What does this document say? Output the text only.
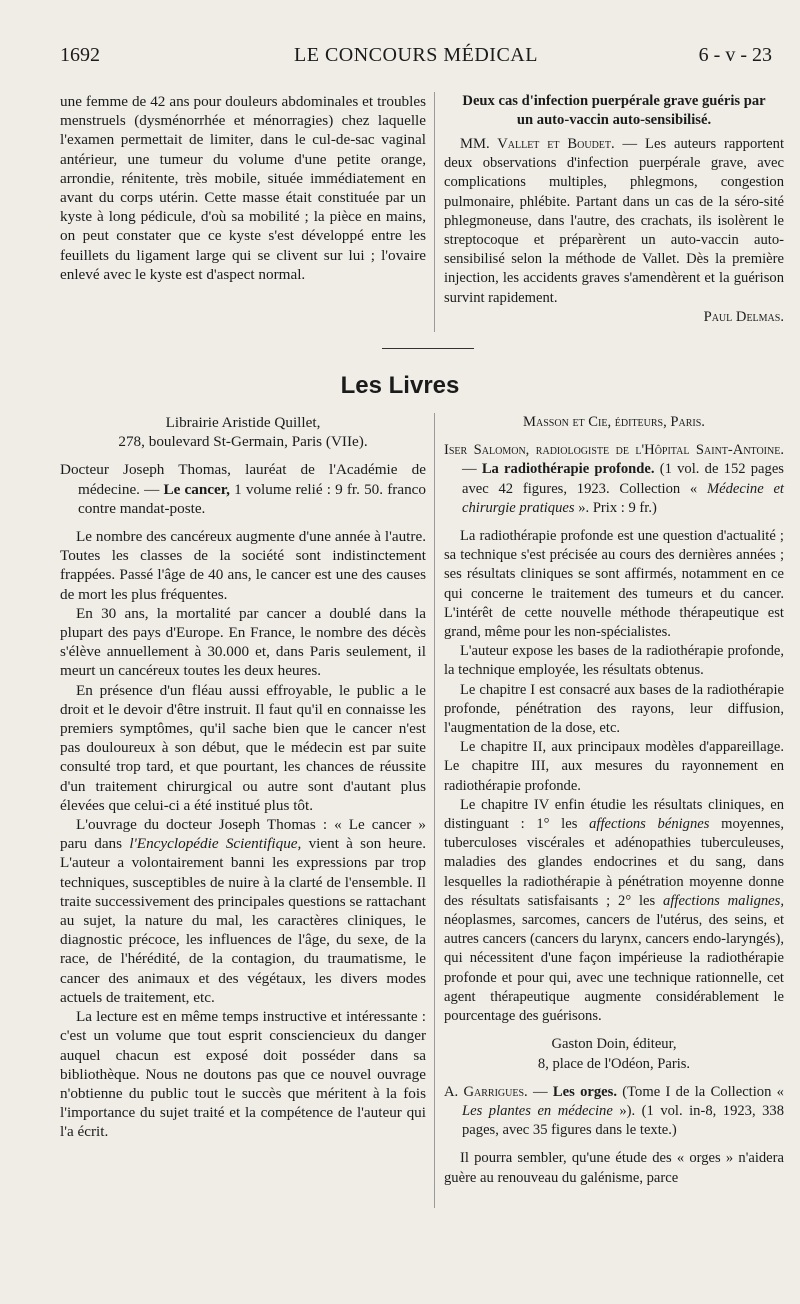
1692	LE CONCOURS MÉDICAL	6 - v - 23

une femme de 42 ans pour douleurs abdominales et troubles menstruels (dysménorrhée et ménorragies) chez laquelle l'examen permettait de limiter, dans le cul-de-sac vaginal antérieur, une tumeur du volume d'une petite orange, arrondie, rénitente, très mobile, située immédiatement en avant du corps utérin. Cette masse était constituée par un kyste à long pédicule, d'où sa mobilité ; la pièce en mains, on peut constater que ce kyste s'est développé entre les feuillets du ligament large qui se clivent sur lui ; l'ovaire enlevé avec le kyste est d'aspect normal.

Deux cas d'infection puerpérale grave guéris par
un auto-vaccin auto-sensibilisé.

MM. Vallet et Boudet. — Les auteurs rapportent deux observations d'infection puerpérale grave, avec complications multiples, phlegmons, congestion pulmonaire, phlébite. Partant dans un cas de la séro-sité phlegmoneuse, dans l'autre, des crachats, ils isolèrent le streptocoque et préparèrent un auto-vaccin auto-sensibilisé selon la méthode de Vallet. Dès la première injection, les accidents graves s'amendèrent et la guérison survint rapidement.

Paul Delmas.

Les Livres

Librairie Aristide Quillet,

278, boulevard St-Germain, Paris (VIIe).

Docteur Joseph Thomas, lauréat de l'Académie de médecine. — Le cancer, 1 volume relié : 9 fr. 50. franco contre mandat-poste.

Le nombre des cancéreux augmente d'une année à l'autre. Toutes les classes de la société sont indistinctement frappées. Passé l'âge de 40 ans, le cancer est une des causes de mort les plus fréquentes.

En 30 ans, la mortalité par cancer a doublé dans la plupart des pays d'Europe. En France, le nombre des décès s'élève annuellement à 30.000 et, dans Paris seulement, il meurt un cancéreux toutes les deux heures.

En présence d'un fléau aussi effroyable, le public a le droit et le devoir d'être instruit. Il faut qu'il en connaisse les premiers symptômes, qu'il sache bien que le cancer n'est pas douloureux à son début, que le médecin est par suite consulté trop tard, et que pourtant, les chances de réussite d'un traitement chirurgical ou autre sont d'autant plus élevées que celui-ci a été institué plus tôt.

L'ouvrage du docteur Joseph Thomas : « Le cancer » paru dans l'Encyclopédie Scientifique, vient à son heure. L'auteur a volontairement banni les expressions par trop techniques, susceptibles de nuire à la clarté de l'ensemble. Il traite successivement des principales questions se rattachant au sujet, la nature du mal, les caractères cliniques, le diagnostic précoce, les influences de l'âge, du sexe, de la race, de l'hérédité, de la contagion, du traumatisme, le cancer des animaux et des végétaux, les divers modes actuels de traitement, etc.

La lecture est en même temps instructive et intéressante : c'est un volume que tout esprit consciencieux du danger auquel chacun est exposé doit posséder dans sa bibliothèque. Nous ne doutons pas que ce nouvel ouvrage n'obtienne du public tout le succès que méritent à la fois l'importance du sujet traité et la compétence de l'auteur qui l'a écrit.

Masson et Cie, éditeurs, Paris.

Iser Salomon, radiologiste de l'Hôpital Saint-Antoine. — La radiothérapie profonde. (1 vol. de 152 pages avec 42 figures, 1923. Collection « Médecine et chirurgie pratiques ». Prix : 9 fr.)

La radiothérapie profonde est une question d'actualité ; sa technique s'est précisée au cours des dernières années ; ses résultats cliniques se sont affirmés, notamment en ce qui concerne le traitement des tumeurs et du cancer. L'intérêt de cette nouvelle méthode thérapeutique est grand, même pour les non-spécialistes.

L'auteur expose les bases de la radiothérapie profonde, la technique employée, les résultats obtenus.

Le chapitre I est consacré aux bases de la radiothérapie profonde, pénétration des rayons, leur diffusion, l'augmentation de la dose, etc.

Le chapitre II, aux principaux modèles d'appareillage. Le chapitre III, aux mesures du rayonnement en radiothérapie profonde.

Le chapitre IV enfin étudie les résultats cliniques, en distinguant : 1° les affections bénignes moyennes, tuberculoses viscérales et adénopathies tuberculeuses, maladies des glandes endocrines et du sang, dans lesquelles la radiothérapie à pénétration moyenne donne des résultats satisfaisants ; 2° les affections malignes, néoplasmes, sarcomes, cancers de l'utérus, des seins, et autres cancers (cancers du larynx, cancers endo-laryngés), qui nécessitent d'une façon impérieuse la radiothérapie profonde et pour qui, avec une technique rationnelle, cet agent thérapeutique augmente considérablement le pourcentage des guérisons.

Gaston Doin, éditeur,

8, place de l'Odéon, Paris.

A. Garrigues. — Les orges. (Tome I de la Collection « Les plantes en médecine »). (1 vol. in-8, 1923, 338 pages, avec 35 figures dans le texte.)

Il pourra sembler, qu'une étude des « orges » n'aidera guère au renouveau du galénisme, parce
